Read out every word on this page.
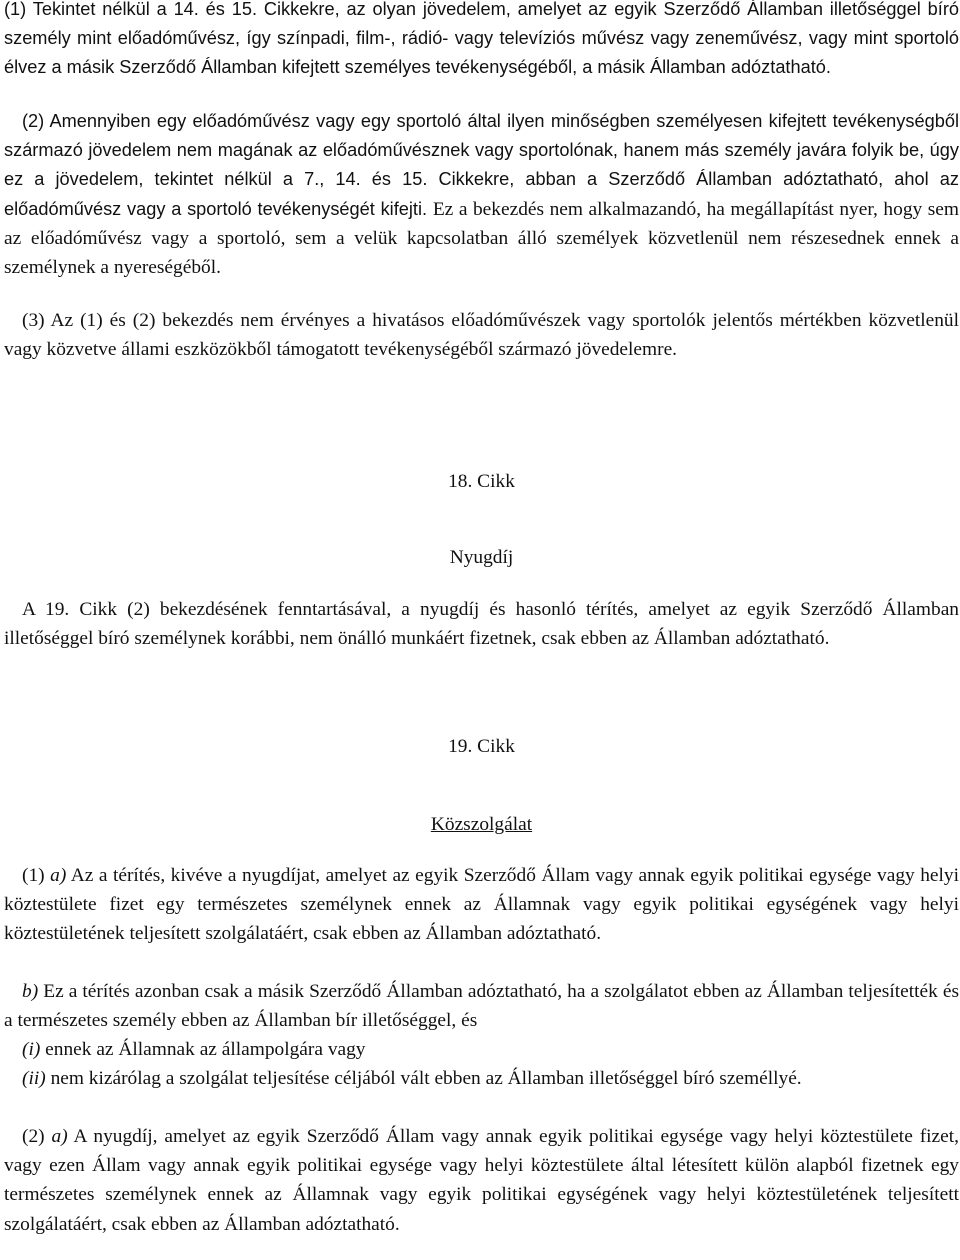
(1) Tekintet nélkül a 14. és 15. Cikkekre, az olyan jövedelem, amelyet az egyik Szerződő Államban illetőséggel bíró személy mint előadóművész, így színpadi, film-, rádió- vagy televíziós művész vagy zeneművész, vagy mint sportoló élvez a másik Szerződő Államban kifejtett személyes tevékenységéből, a másik Államban adóztatható.

(2) Amennyiben egy előadóművész vagy egy sportoló által ilyen minőségben személyesen kifejtett tevékenységből származó jövedelem nem magának az előadóművésznek vagy sportolónak, hanem más személy javára folyik be, úgy ez a jövedelem, tekintet nélkül a 7., 14. és 15. Cikkekre, abban a Szerződő Államban adóztatható, ahol az előadóművész vagy a sportoló tevékenységét kifejti. Ez a bekezdés nem alkalmazandó, ha megállapítást nyer, hogy sem az előadóművész vagy a sportoló, sem a velük kapcsolatban álló személyek közvetlenül nem részesednek ennek a személynek a nyereségéből.

(3) Az (1) és (2) bekezdés nem érvényes a hivatásos előadóművészek vagy sportolók jelentős mértékben közvetlenül vagy közvetve állami eszközökből támogatott tevékenységéből származó jövedelemre.

18. Cikk

Nyugdíj

A 19. Cikk (2) bekezdésének fenntartásával, a nyugdíj és hasonló térítés, amelyet az egyik Szerződő Államban illetőséggel bíró személynek korábbi, nem önálló munkáért fizetnek, csak ebben az Államban adóztatható.

19. Cikk

Közszolgálat

(1) a) Az a térítés, kivéve a nyugdíjat, amelyet az egyik Szerződő Állam vagy annak egyik politikai egysége vagy helyi köztestülete fizet egy természetes személynek ennek az Államnak vagy egyik politikai egységének vagy helyi köztestületének teljesített szolgálatáért, csak ebben az Államban adóztatható.

b) Ez a térítés azonban csak a másik Szerződő Államban adóztatható, ha a szolgálatot ebben az Államban teljesítették és a természetes személy ebben az Államban bír illetőséggel, és

(i) ennek az Államnak az állampolgára vagy

(ii) nem kizárólag a szolgálat teljesítése céljából vált ebben az Államban illetőséggel bíró személlyé.

(2) a) A nyugdíj, amelyet az egyik Szerződő Állam vagy annak egyik politikai egysége vagy helyi köztestülete fizet, vagy ezen Állam vagy annak egyik politikai egysége vagy helyi köztestülete által létesített külön alapból fizetnek egy természetes személynek ennek az Államnak vagy egyik politikai egységének vagy helyi köztestületének teljesített szolgálatáért, csak ebben az Államban adóztatható.
